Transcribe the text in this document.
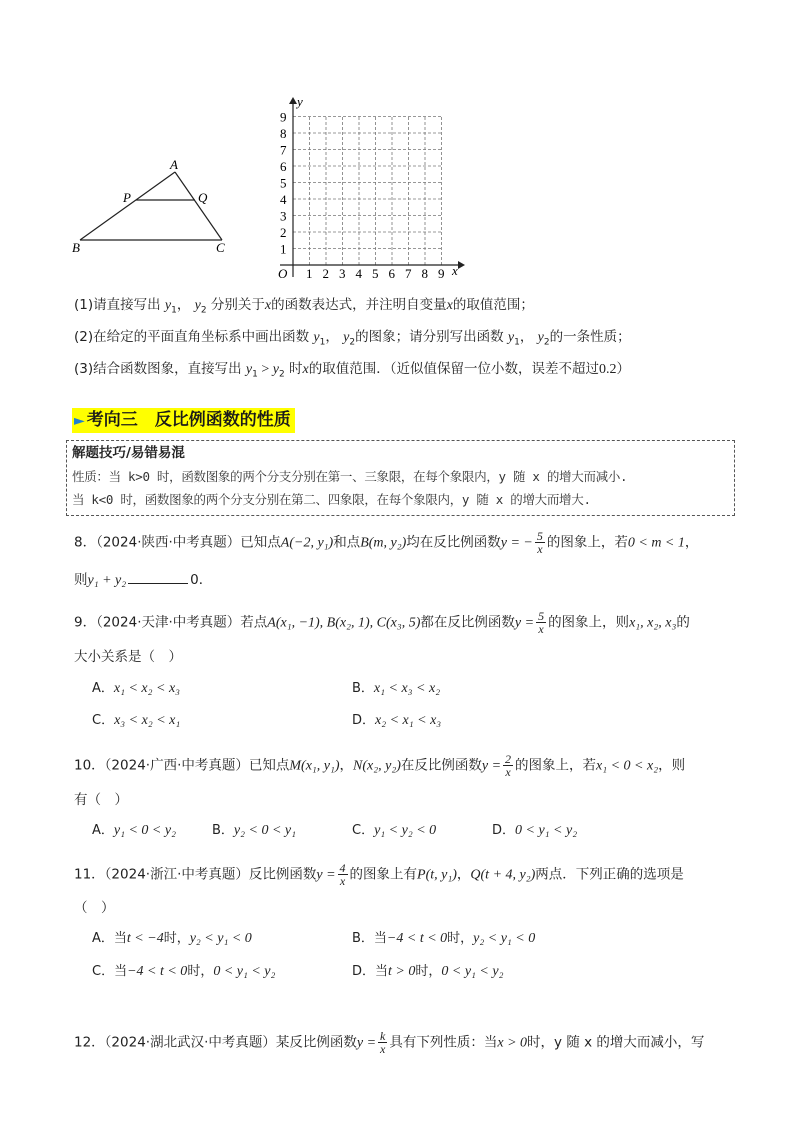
A
P	Q
B	C
y
x
O 1 2 3 4 5 6 7 8 9
9
8
7
6
5
4
3
2
1
(1)请直接写出 $y_1$， $y_2$ 分别关于x的函数表达式，并注明自变量x的取值范围；
(2)在给定的平面直角坐标系中画出函数 $y_1$， $y_2$的图象；请分别写出函数 $y_1$， $y_2$的一条性质；
(3)结合函数图象，直接写出 $y_1 > y_2$ 时x的取值范围．（近似值保留一位小数，误差不超过0.2）
► 考向三　反比例函数的性质
解题技巧/易错易混
性质：当 k>0 时，函数图象的两个分支分别在第一、三象限，在每个象限内，y 随 x 的增大而减小.
当 k<0 时，函数图象的两个分支分别在第二、四象限，在每个象限内，y 随 x 的增大而增大.
8．（2024·陕西·中考真题）已知点A(−2, y₁)和点B(m, y₂)均在反比例函数y = − $\frac{5}{x}$ 的图象上，若0 < m < 1，
则y₁ + y₂	0．
9．（2024·天津·中考真题）若点A(x₁, −1), B(x₂, 1), C(x₃, 5)都在反比例函数$y = \frac{5}{x}$ 的图象上，则x₁, x₂, x₃的
大小关系是（　）
A．x₁ < x₂ < x₃	B．x₁ < x₃ < x₂
C．x₃ < x₂ < x₁	D．x₂ < x₁ < x₃
10．（2024·广西·中考真题）已知点M(x₁, y₁)，N(x₂, y₂)在反比例函数$y = \frac{2}{x}$ 的图象上，若x₁ < 0 < x₂，则
有（　）
A．y₁ < 0 < y₂	B．y₂ < 0 < y₁	C．y₁ < y₂ < 0	D．0 < y₁ < y₂
11．（2024·浙江·中考真题）反比例函数$y = \frac{4}{x}$ 的图象上有P(t, y₁)，Q(t + 4, y₂)两点．下列正确的选项是
（　）
A．当t < −4时，y₂ < y₁ < 0	B．当−4 < t < 0时，y₂ < y₁ < 0
C．当−4 < t < 0时，0 < y₁ < y₂	D．当t > 0时，0 < y₁ < y₂
12．（2024·湖北武汉·中考真题）某反比例函数$y = \frac{k}{x}$ 具有下列性质：当x > 0时，y 随 x 的增大而减小，写
